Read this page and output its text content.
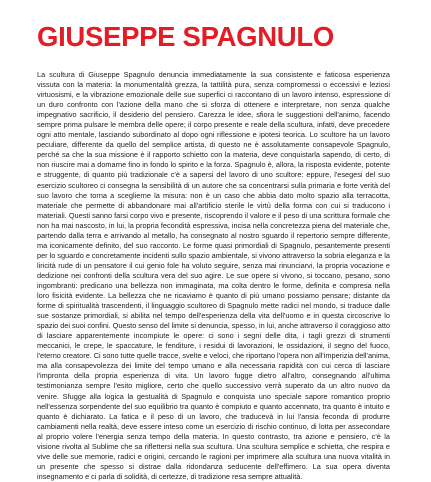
GIUSEPPE SPAGNULO

La scultura di Giuseppe Spagnulo denuncia immediatamente la sua consistente e faticosa esperienza vissuta con la materia: la monumentalità grezza, la tattilità pura, senza compromessi o eccessivi e leziosi virtuosismi, e la vibrazione emozionale delle sue superfici ci raccontano di un lavoro intenso, espressione di un duro confronto con l'azione della mano che si sforza di ottenere e interpretare, non senza qualche impegnativo sacrificio, il desiderio del pensiero. Carezza le idee, sfiora le suggestioni dell'animo, facendo sempre prima pulsare le membra delle opere; il corpo presente e reale della scultura, infatti, deve precedere ogni atto mentale, lasciando subordinato al dopo ogni riflessione e ipotesi teorica. Lo scultore ha un lavoro peculiare, differente da quello del semplice artista, di questo ne è assolutamente consapevole Spagnulo, perché sa che la sua missione è il rapporto schietto con la materia, deve conquistarla sapendo, di certo, di non riuscire mai a domarne fino in fondo lo spirito e la forza. Spagnulo è, allora, la risposta evidente, potente e struggente, di quanto più tradizionale c'è a sapersi del lavoro di uno scultore: eppure, l'esegesi del suo esercizio scultoreo ci consegna la sensibilità di un autore che sa concentrarsi sulla primaria e forte verità del suo lavoro che torna a sceglierne la misura: non è un caso che abbia dato molto spazio alla terracotta, materiale che permette di abbandonare mai all'artificio sterile le virtù della forma con cui si traducono i materiali. Questi sanno farsi corpo vivo e presente, riscoprendo il valore e il peso di una scrittura formale che non ha mai nascosto, in lui, la propria fecondità espressiva, incisa nella concretezza piena del materiale che, partendo dalla terra e arrivando al metallo, ha consegnato al nostro sguardo il repertorio sempre differente, ma iconicamente definito, del suo racconto. Le forme quasi primordiali di Spagnulo, pesantemente presenti per lo sguardo e concretamente incidenti sullo spazio ambientale, si vivono attraverso la sobria eleganza e la liricità rude di un pensatore il cui genio fole ha voluto seguire, senza mai rinunciarvi, la propria vocazione e dedizione nei confronti della scultura vera del suo agire. Le sue opere si vivono, si toccano, pesano, sono ingombranti: predicano una bellezza non immaginata, ma colta dentro le forme, definita e compresa nella loro fisicità evidente. La bellezza che ne ricaviamo è quanto di più umano possiamo pensare; distante da forme di spiritualità trascendenti, il linguaggio scultoreo di Spagnulo mette radici nel mondo, si traduce dalle sue sostanze primordiali, si abilita nel tempo dell'esperienza della vita dell'uomo e in questa circoscrive lo spazio dei suoi confini. Questo senso del limite si denuncia, spesso, in lui, anche attraverso il coraggioso atto di lasciare apparentemente incompiute le opere: ci sono i segni delle dita, i tagli grezzi di strumenti meccanici, le crepe, le spaccature, le fenditure, i residui di lavorazioni, le ossidazioni, il segno del fuoco, l'eterno creatore. Ci sono tutte quelle tracce, svelte e veloci, che riportano l'opera non all'imperizia dell'anima, ma alla consapevolezza dei limite del tempo umano e alla necessaria rapidità con cui cerca di lasciare l'impronta della propria esperienza di vita. Un lavoro fugge dietro all'altro, consegnando all'ultima testimonianza sempre l'esito migliore, certo che quello successivo verrà superato da un altro nuovo da venire. Sfugge alla logica la gestualità di Spagnulo e conquista uno speciale sapore romantico proprio nell'essenza sorpendente del suo equilibrio tra quanto è compiuto e quanto accennato, tra quanto è intuito e quanto è dichiarato. La fatica e il peso di un lavoro, che traducevà in lui l'ansia feconda di produrre cambiamenti nella realtà, deve essere inteso come un esercizio di rischio continuo, di lotta per assecondare al proprio volere l'energia senza tempo della materia. In questo contrasto, tra azione e pensiero, c'è la visione rivolta al Sublime che sa riflettersi nella sua scultura. Una scultura semplice e schietta, che respira e vive delle sue memorie, radici e origini, cercando le ragioni per imprimere alla scultura una nuova vitalità in un presente che spesso si distrae dalla ridondanza seducente dell'effimero. La sua opera diventa insegnamento e ci parla di solidità, di certezze, di tradizione resa sempre attualità.
